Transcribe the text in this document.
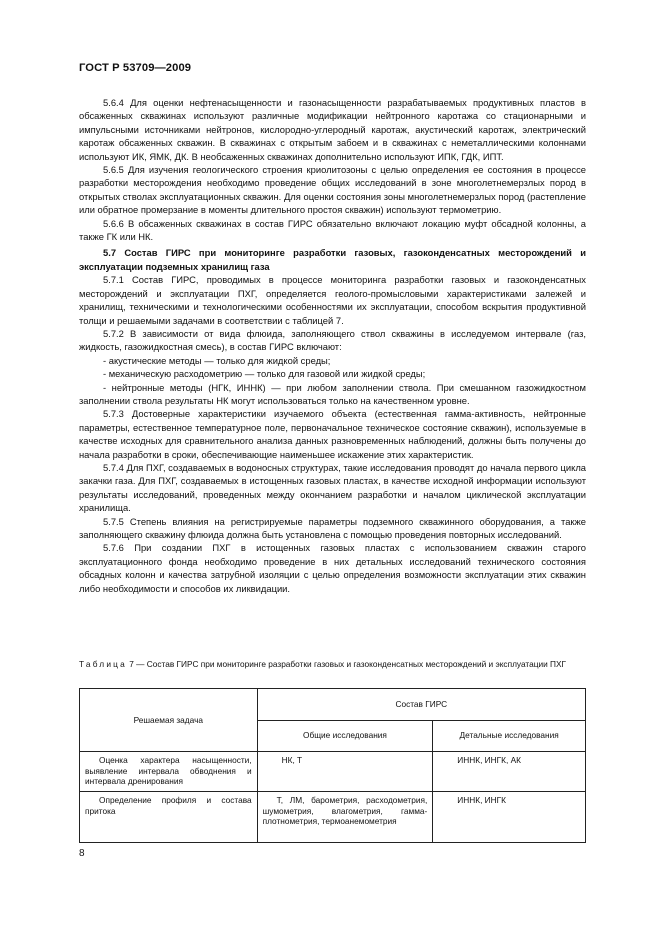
ГОСТ Р 53709—2009

5.6.4 Для оценки нефтенасыщенности и газонасыщенности разрабатываемых продуктивных пластов в обсаженных скважинах используют различные модификации нейтронного каротажа со стационарными и импульсными источниками нейтронов, кислородно-углеродный каротаж, акустический каротаж, электрический каротаж обсаженных скважин. В скважинах с открытым забоем и в скважинах с неметаллическими колоннами используют ИК, ЯМК, ДК. В необсаженных скважинах дополнительно используют ИПК, ГДК, ИПТ.

5.6.5 Для изучения геологического строения криолитозоны с целью определения ее состояния в процессе разработки месторождения необходимо проведение общих исследований в зоне многолетнемерзлых пород в открытых стволах эксплуатационных скважин. Для оценки состояния зоны многолетнемерзлых пород (растепление или обратное промерзание в моменты длительного простоя скважин) используют термометрию.

5.6.6 В обсаженных скважинах в состав ГИРС обязательно включают локацию муфт обсадной колонны, а также ГК или НК.

5.7 Состав ГИРС при мониторинге разработки газовых, газоконденсатных месторождений и эксплуатации подземных хранилищ газа

5.7.1 Состав ГИРС, проводимых в процессе мониторинга разработки газовых и газоконденсатных месторождений и эксплуатации ПХГ, определяется геолого-промысловыми характеристиками залежей и хранилищ, техническими и технологическими особенностями их эксплуатации, способом вскрытия продуктивной толщи и решаемыми задачами в соответствии с таблицей 7.

5.7.2 В зависимости от вида флюида, заполняющего ствол скважины в исследуемом интервале (газ, жидкость, газожидкостная смесь), в состав ГИРС включают:

- акустические методы — только для жидкой среды;

- механическую расходометрию — только для газовой или жидкой среды;

- нейтронные методы (НГК, ИННК) — при любом заполнении ствола. При смешанном газожидкостном заполнении ствола результаты НК могут использоваться только на качественном уровне.

5.7.3 Достоверные характеристики изучаемого объекта (естественная гамма-активность, нейтронные параметры, естественное температурное поле, первоначальное техническое состояние скважин), используемые в качестве исходных для сравнительного анализа данных разновременных наблюдений, должны быть получены до начала разработки в сроки, обеспечивающие наименьшее искажение этих характеристик.

5.7.4 Для ПХГ, создаваемых в водоносных структурах, такие исследования проводят до начала первого цикла закачки газа. Для ПХГ, создаваемых в истощенных газовых пластах, в качестве исходной информации используют результаты исследований, проведенных между окончанием разработки и началом циклической эксплуатации хранилища.

5.7.5 Степень влияния на регистрируемые параметры подземного скважинного оборудования, а также заполняющего скважину флюида должна быть установлена с помощью проведения повторных исследований.

5.7.6 При создании ПХГ в истощенных газовых пластах с использованием скважин старого эксплуатационного фонда необходимо проведение в них детальных исследований технического состояния обсадных колонн и качества затрубной изоляции с целью определения возможности эксплуатации этих скважин либо необходимости и способов их ликвидации.

Таблица 7 — Состав ГИРС при мониторинге разработки газовых и газоконденсатных месторождений и эксплуатации ПХГ
Решаемая задача	Состав ГИРС	
	Общие исследования	Детальные исследования
Оценка характера насыщенности, выявление интервала обводнения и интервала дренирования	НК, Т	ИННК, ИНГК, АК
Определение профиля и состава притока	Т, ЛМ, барометрия, расходометрия, шумометрия, влагометрия, гамма-плотнометрия, термоанемометрия	ИННК, ИНГК
8
